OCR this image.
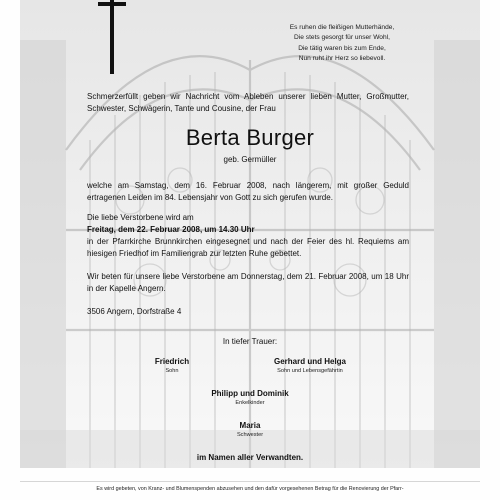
Es ruhen die fleißigen Mutterhände,
Die stets gesorgt für unser Wohl,
Die tätig waren bis zum Ende,
Nun ruht ihr Herz so liebevoll.

Schmerzerfüllt geben wir Nachricht vom Ableben unserer lieben Mutter, Großmutter, Schwester, Schwägerin, Tante und Cousine, der Frau

Berta Burger
geb. Germüller

welche am Samstag, dem 16. Februar 2008, nach längerem, mit großer Geduld ertragenen Leiden im 84. Lebensjahr von Gott zu sich gerufen wurde.

Die liebe Verstorbene wird am
Freitag, dem 22. Februar 2008, um 14.30 Uhr
in der Pfarrkirche Brunnkirchen eingesegnet und nach der Feier des hl. Requiems am hiesigen Friedhof im Familiengrab zur letzten Ruhe gebettet.

Wir beten für unsere liebe Verstorbene am Donnerstag, dem 21. Februar 2008, um 18 Uhr in der Kapelle Angern.

3506 Angern, Dorfstraße 4
In tiefer Trauer:
Friedrich
Sohn
Gerhard und Helga
Sohn und Lebensgefährtin
Philipp und Dominik
Enkelkinder
Maria
Schwester
im Namen aller Verwandten.
Es wird gebeten, von Kranz- und Blumenspenden abzusehen und den dafür vorgesehenen Betrag für die Renovierung der Pfarr-
